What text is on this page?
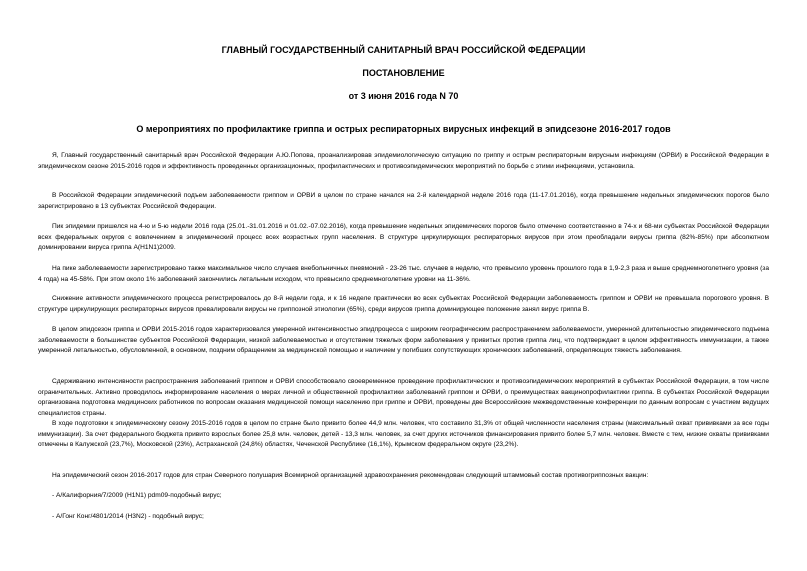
ГЛАВНЫЙ ГОСУДАРСТВЕННЫЙ САНИТАРНЫЙ ВРАЧ РОССИЙСКОЙ ФЕДЕРАЦИИ
ПОСТАНОВЛЕНИЕ
от 3 июня 2016 года N 70
О мероприятиях по профилактике гриппа и острых респираторных вирусных инфекций в эпидсезоне 2016-2017 годов

Я, Главный государственный санитарный врач Российской Федерации А.Ю.Попова, проанализировав эпидемиологическую ситуацию по гриппу и острым респираторным вирусным инфекциям (ОРВИ) в Российской Федерации в эпидемическом сезоне 2015-2016 годов и эффективность проведенных организационных, профилактических и противоэпидемических мероприятий по борьбе с этими инфекциями, установила.

В Российской Федерации эпидемический подъем заболеваемости гриппом и ОРВИ в целом по стране начался на 2-й календарной неделе 2016 года (11-17.01.2016), когда превышение недельных эпидемических порогов было зарегистрировано в 13 субъектах Российской Федерации.

Пик эпидемии пришелся на 4-ю и 5-ю недели 2016 года (25.01.-31.01.2016 и 01.02.-07.02.2016), когда превышение недельных эпидемических порогов было отмечено соответственно в 74-х и 68-ми субъектах Российской Федерации всех федеральных округов с вовлечением в эпидемический процесс всех возрастных групп населения. В структуре циркулирующих респираторных вирусов при этом преобладали вирусы гриппа (82%-85%) при абсолютном доминировании вируса гриппа A(H1N1)2009.

На пике заболеваемости зарегистрировано также максимальное число случаев внебольничных пневмоний - 23-26 тыс. случаев в неделю, что превысило уровень прошлого года в 1,9-2,3 раза и выше среднемноголетнего уровня (за 4 года) на 45-58%. При этом около 1% заболеваний закончились летальным исходом, что превысило среднемноголетние уровни на 11-36%.

Снижение активности эпидемического процесса регистрировалось до 8-й недели года, и к 16 неделе практически во всех субъектах Российской Федерации заболеваемость гриппом и ОРВИ не превышала порогового уровня. В структуре циркулирующих респираторных вирусов превалировали вирусы не гриппозной этиологии (65%), среди вирусов гриппа доминирующее положение занял вирус гриппа В.

В целом эпидсезон гриппа и ОРВИ 2015-2016 годов характеризовался умеренной интенсивностью эпидпроцесса с широким географическим распространением заболеваемости, умеренной длительностью эпидемического подъема заболеваемости в большинстве субъектов Российской Федерации, низкой заболеваемостью и отсутствием тяжелых форм заболевания у привитых против гриппа лиц, что подтверждает в целом эффективность иммунизации, а также умеренной летальностью, обусловленной, в основном, поздним обращением за медицинской помощью и наличием у погибших сопутствующих хронических заболеваний, определяющих тяжесть заболевания.

Сдерживанию интенсивности распространения заболеваний гриппом и ОРВИ способствовало своевременное проведение профилактических и противоэпидемических мероприятий в субъектах Российской Федерации, в том числе ограничительных. Активно проводилось информирование населения о мерах личной и общественной профилактики заболеваний гриппом и ОРВИ, о преимуществах вакцинопрофилактики гриппа. В субъектах Российской Федерации организована подготовка медицинских работников по вопросам оказания медицинской помощи населению при гриппе и ОРВИ, проведены две Всероссийские межведомственные конференции по данным вопросам с участием ведущих специалистов страны.

В ходе подготовки к эпидемическому сезону 2015-2016 годов в целом по стране было привито более 44,9 млн. человек, что составило 31,3% от общей численности населения страны (максимальный охват прививками за все годы иммунизации). За счет федерального бюджета привито взрослых более 25,8 млн. человек, детей - 13,3 млн. человек, за счет других источников финансирования привито более 5,7 млн. человек. Вместе с тем, низкие охваты прививками отмечены в Калужской (23,7%), Московской (23%), Астраханской (24,8%) областях, Чеченской Республике (16,1%), Крымском федеральном округе (23,2%).

На эпидемический сезон 2016-2017 годов для стран Северного полушария Всемирной организацией здравоохранения рекомендован следующий штаммовый состав противогриппозных вакцин:

- А/Калифорния/7/2009 (H1N1) pdm09-подобный вирус;

- А/Гонг Конг/4801/2014 (H3N2) - подобный вирус;
